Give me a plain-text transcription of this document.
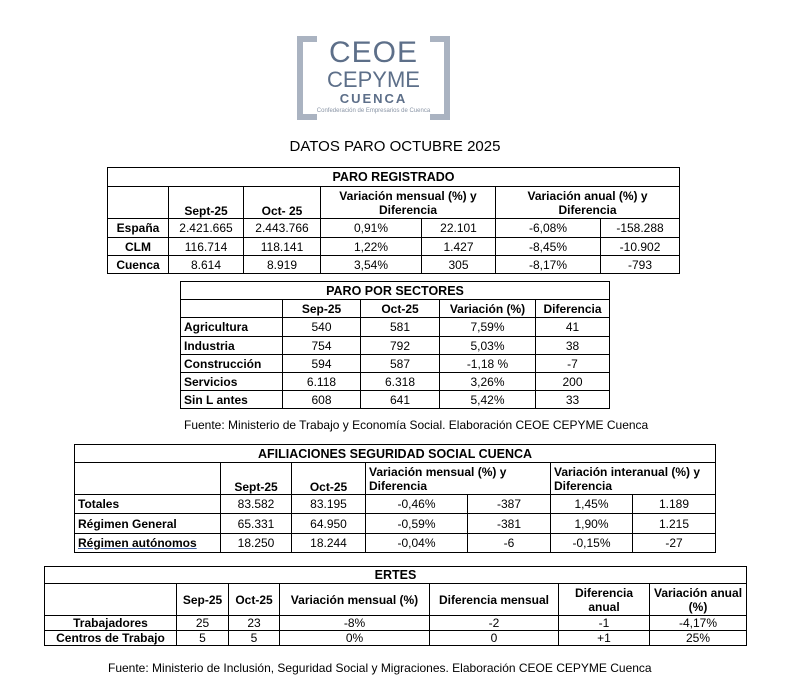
CEOE
CEPYME
CUENCA
Confederación de Empresarios de Cuenca
DATOS PARO OCTUBRE 2025
PARO REGISTRADO						
	Sept-25	Oct- 25	Variación mensual (%) y Diferencia		Variación anual (%) y Diferencia	
España	2.421.665	2.443.766	0,91%	22.101	-6,08%	-158.288
CLM	116.714	118.141	1,22%	1.427	-8,45%	-10.902
Cuenca	8.614	8.919	3,54%	305	-8,17%	-793
PARO POR SECTORES				
	Sep-25	Oct-25	Variación (%)	Diferencia
Agricultura	540	581	7,59%	41
Industria	754	792	5,03%	38
Construcción	594	587	-1,18 %	-7
Servicios	6.118	6.318	3,26%	200
Sin L antes	608	641	5,42%	33
Fuente: Ministerio de Trabajo y Economía Social. Elaboración CEOE CEPYME Cuenca
AFILIACIONES SEGURIDAD SOCIAL CUENCA						
	Sept-25	Oct-25	Variación mensual (%) y Diferencia		Variación interanual (%) y Diferencia	
Totales	83.582	83.195	-0,46%	-387	1,45%	1.189
Régimen General	65.331	64.950	-0,59%	-381	1,90%	1.215
Régimen autónomos	18.250	18.244	-0,04%	-6	-0,15%	-27
ERTES						
	Sep-25	Oct-25	Variación mensual (%)	Diferencia mensual	Diferencia anual	Variación anual (%)
Trabajadores	25	23	-8%	-2	-1	-4,17%
Centros de Trabajo	5	5	0%	0	+1	25%
Fuente: Ministerio de Inclusión, Seguridad Social y Migraciones. Elaboración CEOE CEPYME Cuenca
